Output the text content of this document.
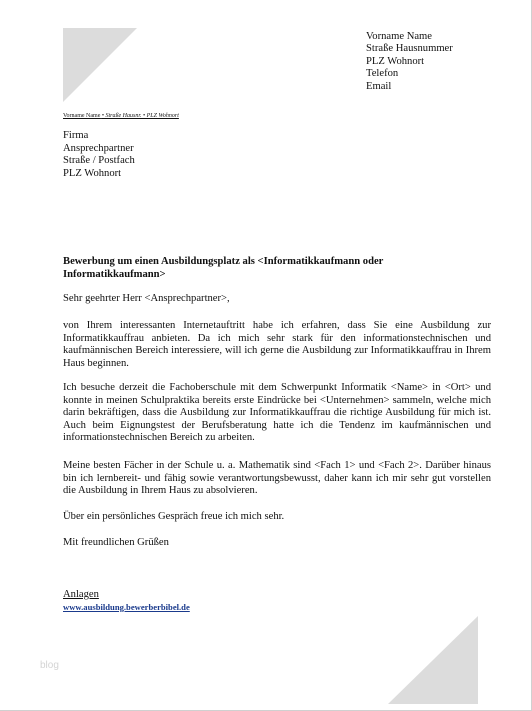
Vorname Name
Straße Hausnummer
PLZ Wohnort
Telefon
Email
Vorname Name • Straße Hausnr. • PLZ Wohnort
Firma
Ansprechpartner
Straße / Postfach
PLZ Wohnort
Bewerbung um einen Ausbildungsplatz als <Informatikkaufmann oder Informatikkaufmann>
Sehr geehrter Herr <Ansprechpartner>,
von Ihrem interessanten Internetauftritt habe ich erfahren, dass Sie eine Ausbildung zur Informatikkauffrau anbieten. Da ich mich sehr stark für den informationstechnischen und kaufmännischen Bereich interessiere, will ich gerne die Ausbildung zur Informatikkauffrau in Ihrem Haus beginnen.
Ich besuche derzeit die Fachoberschule mit dem Schwerpunkt Informatik <Name> in <Ort> und konnte in meinen Schulpraktika bereits erste Eindrücke bei <Unternehmen> sammeln, welche mich darin bekräftigen, dass die Ausbildung zur Informatikkauffrau die richtige Ausbildung für mich ist. Auch beim Eignungstest der Berufsberatung hatte ich die Tendenz im kaufmännischen und informationstechnischen Bereich zu arbeiten.
Meine besten Fächer in der Schule u. a. Mathematik sind <Fach 1> und <Fach 2>. Darüber hinaus bin ich lernbereit- und fähig sowie verantwortungsbewusst, daher kann ich mir sehr gut vorstellen die Ausbildung in Ihrem Haus zu absolvieren.
Über ein persönliches Gespräch freue ich mich sehr.
Mit freundlichen Grüßen
Anlagen
www.ausbildung.bewerberbibel.de
blog
